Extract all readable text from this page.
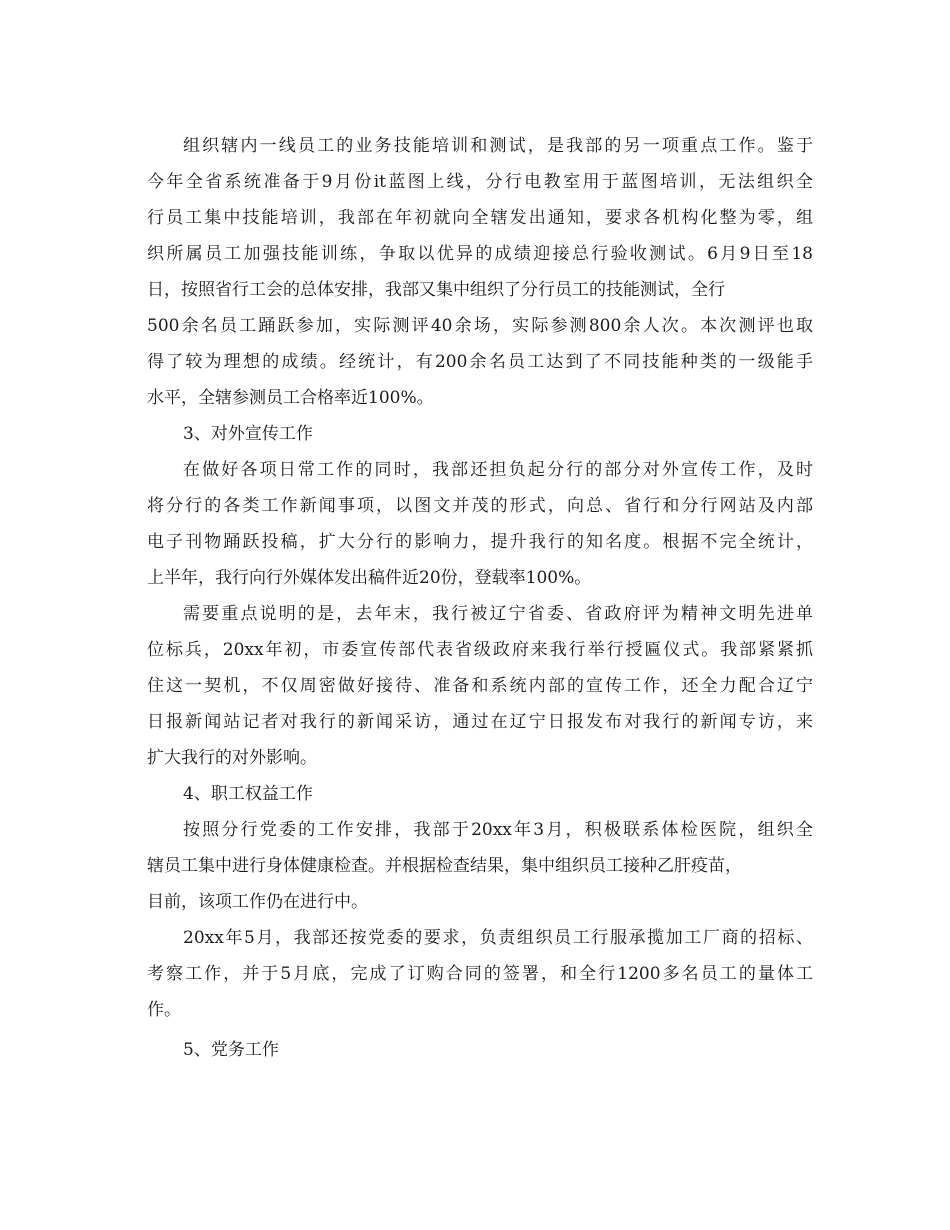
组织辖内一线员工的业务技能培训和测试，是我部的另一项重点工作。鉴于
今年全省系统准备于9月份it蓝图上线，分行电教室用于蓝图培训，无法组织全
行员工集中技能培训，我部在年初就向全辖发出通知，要求各机构化整为零，组
织所属员工加强技能训练，争取以优异的成绩迎接总行验收测试。6月9日至18
日，按照省行工会的总体安排，我部又集中组织了分行员工的技能测试，全行
500余名员工踊跃参加，实际测评40余场，实际参测800余人次。本次测评也取
得了较为理想的成绩。经统计，有200余名员工达到了不同技能种类的一级能手
水平，全辖参测员工合格率近100%。
3、对外宣传工作
在做好各项日常工作的同时，我部还担负起分行的部分对外宣传工作，及时
将分行的各类工作新闻事项，以图文并茂的形式，向总、省行和分行网站及内部
电子刊物踊跃投稿，扩大分行的影响力，提升我行的知名度。根据不完全统计，
上半年，我行向行外媒体发出稿件近20份，登载率100%。
需要重点说明的是，去年末，我行被辽宁省委、省政府评为精神文明先进单
位标兵，20xx年初，市委宣传部代表省级政府来我行举行授匾仪式。我部紧紧抓
住这一契机，不仅周密做好接待、准备和系统内部的宣传工作，还全力配合辽宁
日报新闻站记者对我行的新闻采访，通过在辽宁日报发布对我行的新闻专访，来
扩大我行的对外影响。
4、职工权益工作
按照分行党委的工作安排，我部于20xx年3月，积极联系体检医院，组织全
辖员工集中进行身体健康检查。并根据检查结果，集中组织员工接种乙肝疫苗，
目前，该项工作仍在进行中。
20xx年5月，我部还按党委的要求，负责组织员工行服承揽加工厂商的招标、
考察工作，并于5月底，完成了订购合同的签署，和全行1200多名员工的量体工
作。
5、党务工作
